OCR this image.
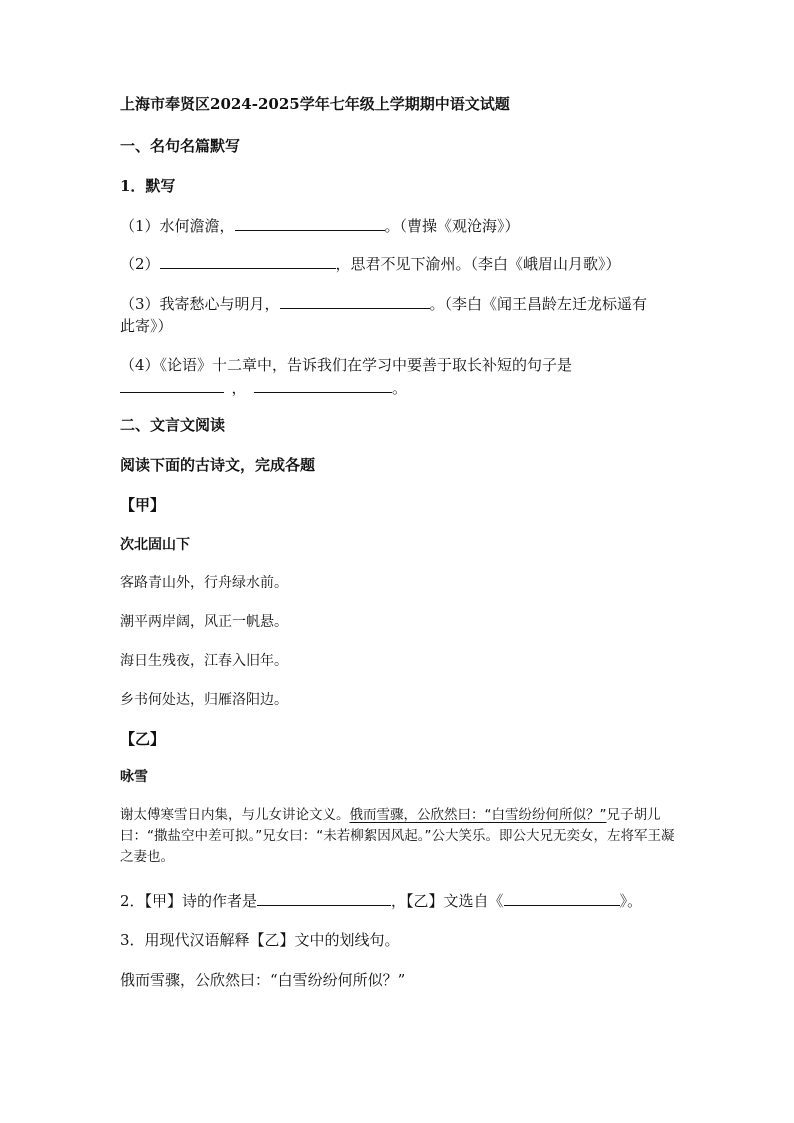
上海市奉贤区2024-2025学年七年级上学期期中语文试题

一、名句名篇默写

1．默写

（1）水何澹澹，	。（曹操《观沧海》）

（2）	，思君不见下渝州。（李白《峨眉山月歌》）

（3）我寄愁心与明月，	。（李白《闻王昌龄左迁龙标遥有

此寄》）

（4）《论语》十二章中，告诉我们在学习中要善于取长补短的句子是

，	。

二、文言文阅读

阅读下面的古诗文，完成各题

【甲】

次北固山下

客路青山外，行舟绿水前。

潮平两岸阔，风正一帆悬。

海日生残夜，江春入旧年。

乡书何处达，归雁洛阳边。

【乙】

咏雪

谢太傅寒雪日内集，与儿女讲论文义。俄而雪骤，公欣然曰：“白雪纷纷何所似？”兄子胡儿曰：“撒盐空中差可拟。”兄女曰：“未若柳絮因风起。”公大笑乐。即公大兄无奕女，左将军王凝之妻也。

2．【甲】诗的作者是	，【乙】文选自《	》。

3．用现代汉语解释【乙】文中的划线句。

俄而雪骤，公欣然曰：“白雪纷纷何所似？”
